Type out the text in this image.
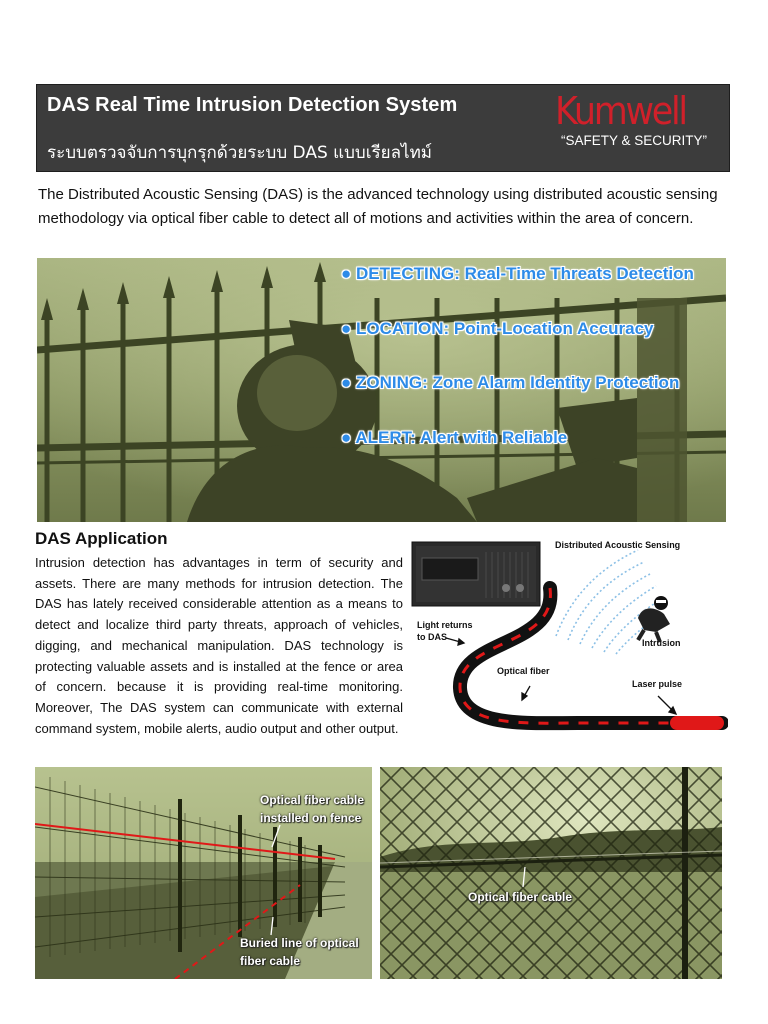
DAS Real Time Intrusion Detection System
ระบบตรวจจับการบุกรุกด้วยระบบ DAS แบบเรียลไทม์
Kumwell
“SAFETY & SECURITY”
The Distributed Acoustic Sensing (DAS) is the advanced technology using distributed acoustic sensing methodology via optical fiber cable to detect all of motions and activities within the area of concern.
● DETECTING: Real-Time Threats Detection
● LOCATION: Point-Location Accuracy
● ZONING: Zone Alarm Identity Protection
● ALERT: Alert with Reliable
DAS Application
Intrusion detection has advantages in term of security and assets. There are many methods for intrusion detection. The DAS has lately received considerable attention as a means to detect and localize third party threats, approach of vehicles, digging, and mechanical manipulation. DAS technology is protecting valuable assets and is installed at the fence or area of concern. because it is providing real-time monitoring. Moreover, The DAS system can communicate with external command system, mobile alerts, audio output and other output.
Distributed Acoustic Sensing
Light returns
to DAS
Intrusion
Optical fiber
Laser pulse
Optical fiber cable
installed on fence
Buried line of optical
fiber cable
Optical fiber cable
